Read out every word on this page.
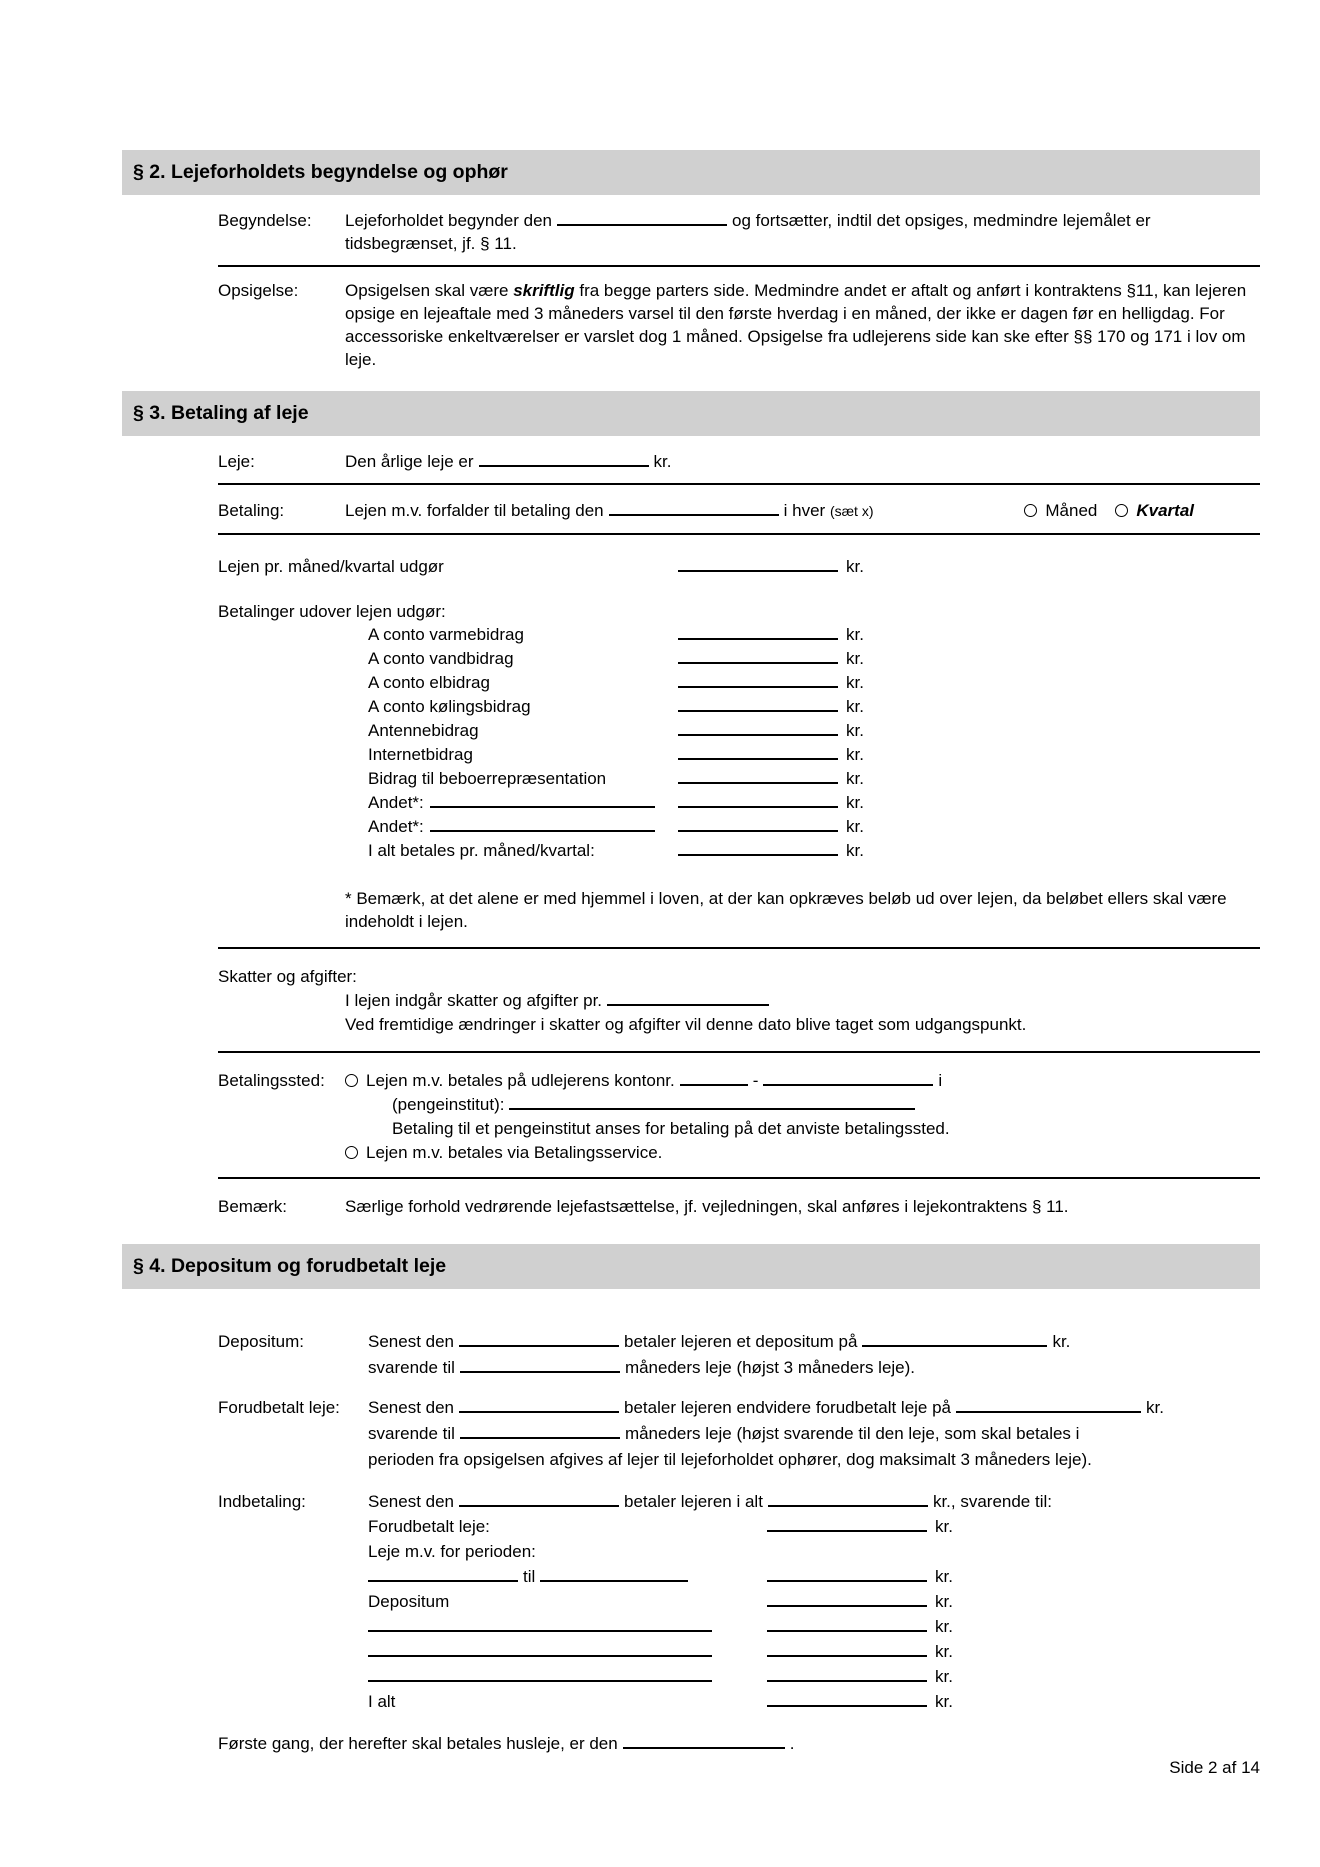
§ 2. Lejeforholdets begyndelse og ophør
Begyndelse:	Lejeforholdet begynder den	og fortsætter, indtil det opsiges, medmindre lejemålet er tidsbegrænset, jf. § 11.
Opsigelse:	Opsigelsen skal være skriftlig fra begge parters side. Medmindre andet er aftalt og anført i kontraktens §11, kan lejeren opsige en lejeaftale med 3 måneders varsel til den første hverdag i en måned, der ikke er dagen før en helligdag. For accessoriske enkeltværelser er varslet dog 1 måned. Opsigelse fra udlejerens side kan ske efter §§ 170 og 171 i lov om leje.
§ 3. Betaling af leje
Leje:	Den årlige leje er	kr.
Betaling:	Lejen m.v. forfalder til betaling den	i hver
(sæt x)	Måned Kvartal
Lejen pr. måned/kvartal udgør	kr.
Betalinger udover lejen udgør:
A conto varmebidrag	kr.
A conto vandbidrag	kr.
A conto elbidrag	kr.
A conto kølingsbidrag	kr.
Antennebidrag	kr.
Internetbidrag	kr.
Bidrag til beboerrepræsentation	kr.
Andet*:	kr.
Andet*:	kr.
I alt betales pr. måned/kvartal:	kr.
* Bemærk, at det alene er med hjemmel i loven, at der kan opkræves beløb ud over lejen, da beløbet ellers skal være indeholdt i lejen.
Skatter og afgifter:
I lejen indgår skatter og afgifter pr.
Ved fremtidige ændringer i skatter og afgifter vil denne dato blive taget som udgangspunkt.
Betalingssted:	Lejen m.v. betales på udlejerens kontonr.	-	i
(pengeinstitut):
Betaling til et pengeinstitut anses for betaling på det anviste betalingssted.
Lejen m.v. betales via Betalingsservice.
Bemærk:	Særlige forhold vedrørende lejefastsættelse, jf. vejledningen, skal anføres i lejekontraktens § 11.
§ 4. Depositum og forudbetalt leje
Depositum:	Senest den	betaler lejeren et depositum på	kr.
svarende til	måneders leje (højst 3 måneders leje).
Forudbetalt leje:	Senest den	betaler lejeren endvidere forudbetalt leje på	kr.
svarende til	måneders leje (højst svarende til den leje, som skal betales i
perioden fra opsigelsen afgives af lejer til lejeforholdet ophører, dog maksimalt 3 måneders leje).
Indbetaling:	Senest den	betaler lejeren i alt	kr., svarende til:
Forudbetalt leje:	kr.
Leje m.v. for perioden:
til	kr.
Depositum	kr.
kr.
kr.
kr.
I alt	kr.
Første gang, der herefter skal betales husleje, er den	.
Side 2 af 14
